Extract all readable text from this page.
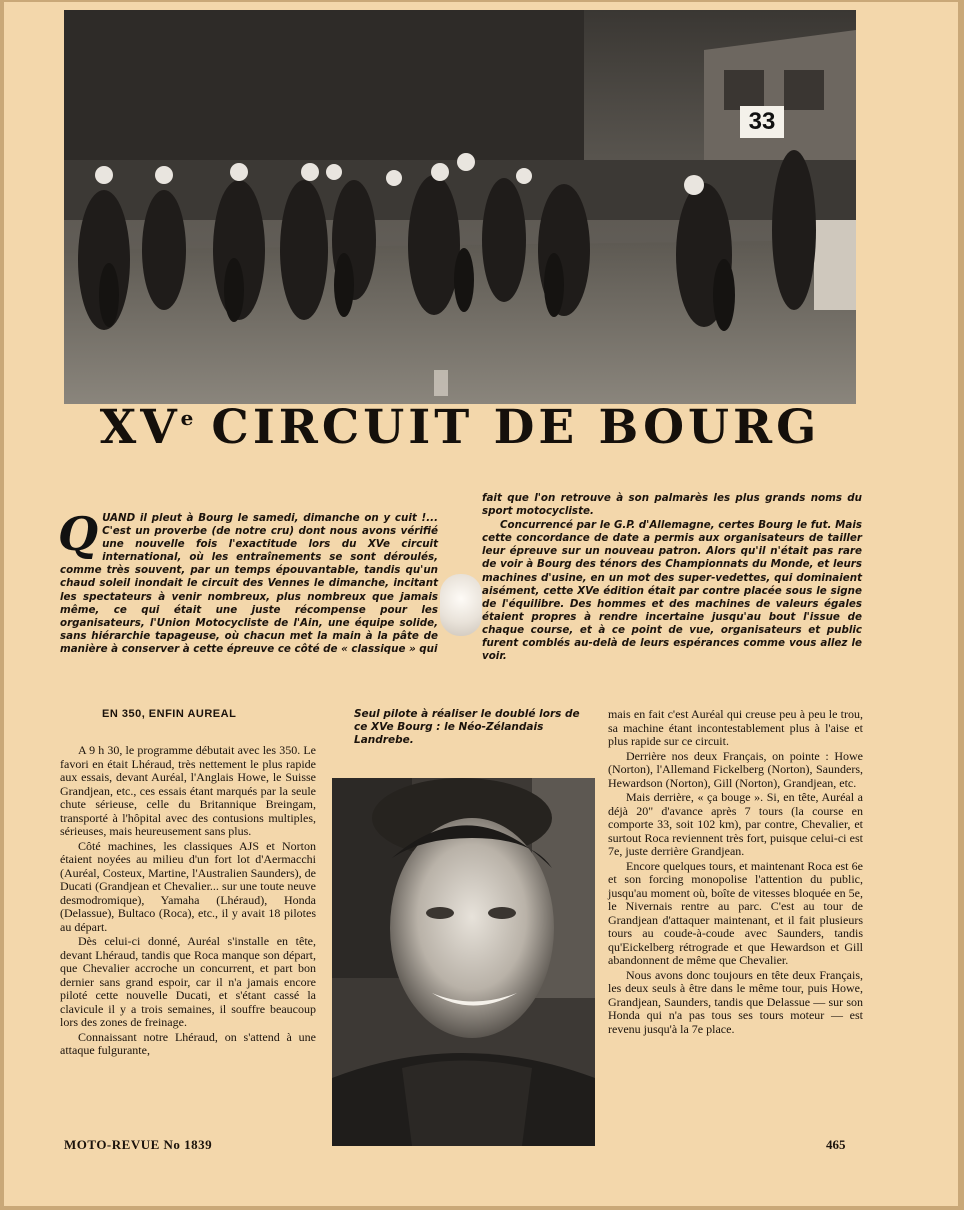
33
XVe CIRCUIT DE BOURG

QUAND il pleut à Bourg le samedi, dimanche on y cuit !... C'est un proverbe (de notre cru) dont nous avons vérifié une nouvelle fois l'exactitude lors du XVe circuit international, où les entraînements se sont déroulés, comme très souvent, par un temps épouvantable, tandis qu'un chaud soleil inondait le circuit des Vennes le dimanche, incitant les spectateurs à venir nombreux, plus nombreux que jamais même, ce qui était une juste récompense pour les organisateurs, l'Union Motocycliste de l'Ain, une équipe solide, sans hiérarchie tapageuse, où chacun met la main à la pâte de manière à conserver à cette épreuve ce côté de « classique » qui

fait que l'on retrouve à son palmarès les plus grands noms du sport motocycliste.

Concurrencé par le G.P. d'Allemagne, certes Bourg le fut. Mais cette concordance de date a permis aux organisateurs de tailler leur épreuve sur un nouveau patron. Alors qu'il n'était pas rare de voir à Bourg des ténors des Championnats du Monde, et leurs machines d'usine, en un mot des super-vedettes, qui dominaient aisément, cette XVe édition était par contre placée sous le signe de l'équilibre. Des hommes et des machines de valeurs égales étaient propres à rendre incertaine jusqu'au bout l'issue de chaque course, et à ce point de vue, organisateurs et public furent comblés au-delà de leurs espérances comme vous allez le voir.

EN 350, ENFIN AUREAL

A 9 h 30, le programme débutait avec les 350. Le favori en était Lhéraud, très nettement le plus rapide aux essais, devant Auréal, l'Anglais Howe, le Suisse Grandjean, etc., ces essais étant marqués par la seule chute sérieuse, celle du Britannique Breingam, transporté à l'hôpital avec des contusions multiples, sérieuses, mais heureusement sans plus.

Côté machines, les classiques AJS et Norton étaient noyées au milieu d'un fort lot d'Aermacchi (Auréal, Costeux, Martine, l'Australien Saunders), de Ducati (Grandjean et Chevalier... sur une toute neuve desmodromique), Yamaha (Lhéraud), Honda (Delassue), Bultaco (Roca), etc., il y avait 18 pilotes au départ.

Dès celui-ci donné, Auréal s'installe en tête, devant Lhéraud, tandis que Roca manque son départ, que Chevalier accroche un concurrent, et part bon dernier sans grand espoir, car il n'a jamais encore piloté cette nouvelle Ducati, et s'étant cassé la clavicule il y a trois semaines, il souffre beaucoup lors des zones de freinage.

Connaissant notre Lhéraud, on s'attend à une attaque fulgurante,

Seul pilote à réaliser le doublé lors de ce XVe Bourg : le Néo-Zélandais Landrebe.

mais en fait c'est Auréal qui creuse peu à peu le trou, sa machine étant incontestablement plus à l'aise et plus rapide sur ce circuit.

Derrière nos deux Français, on pointe : Howe (Norton), l'Allemand Fickelberg (Norton), Saunders, Hewardson (Norton), Gill (Norton), Grandjean, etc.

Mais derrière, « ça bouge ». Si, en tête, Auréal a déjà 20" d'avance après 7 tours (la course en comporte 33, soit 102 km), par contre, Chevalier, et surtout Roca reviennent très fort, puisque celui-ci est 7e, juste derrière Grandjean.

Encore quelques tours, et maintenant Roca est 6e et son forcing monopolise l'attention du public, jusqu'au moment où, boîte de vitesses bloquée en 5e, le Nivernais rentre au parc. C'est au tour de Grandjean d'attaquer maintenant, et il fait plusieurs tours au coude-à-coude avec Saunders, tandis qu'Eickelberg rétrograde et que Hewardson et Gill abandonnent de même que Chevalier.

Nous avons donc toujours en tête deux Français, les deux seuls à être dans le même tour, puis Howe, Grandjean, Saunders, tandis que Delassue — sur son Honda qui n'a pas tous ses tours moteur — est revenu jusqu'à la 7e place.

MOTO-REVUE No 1839	465
